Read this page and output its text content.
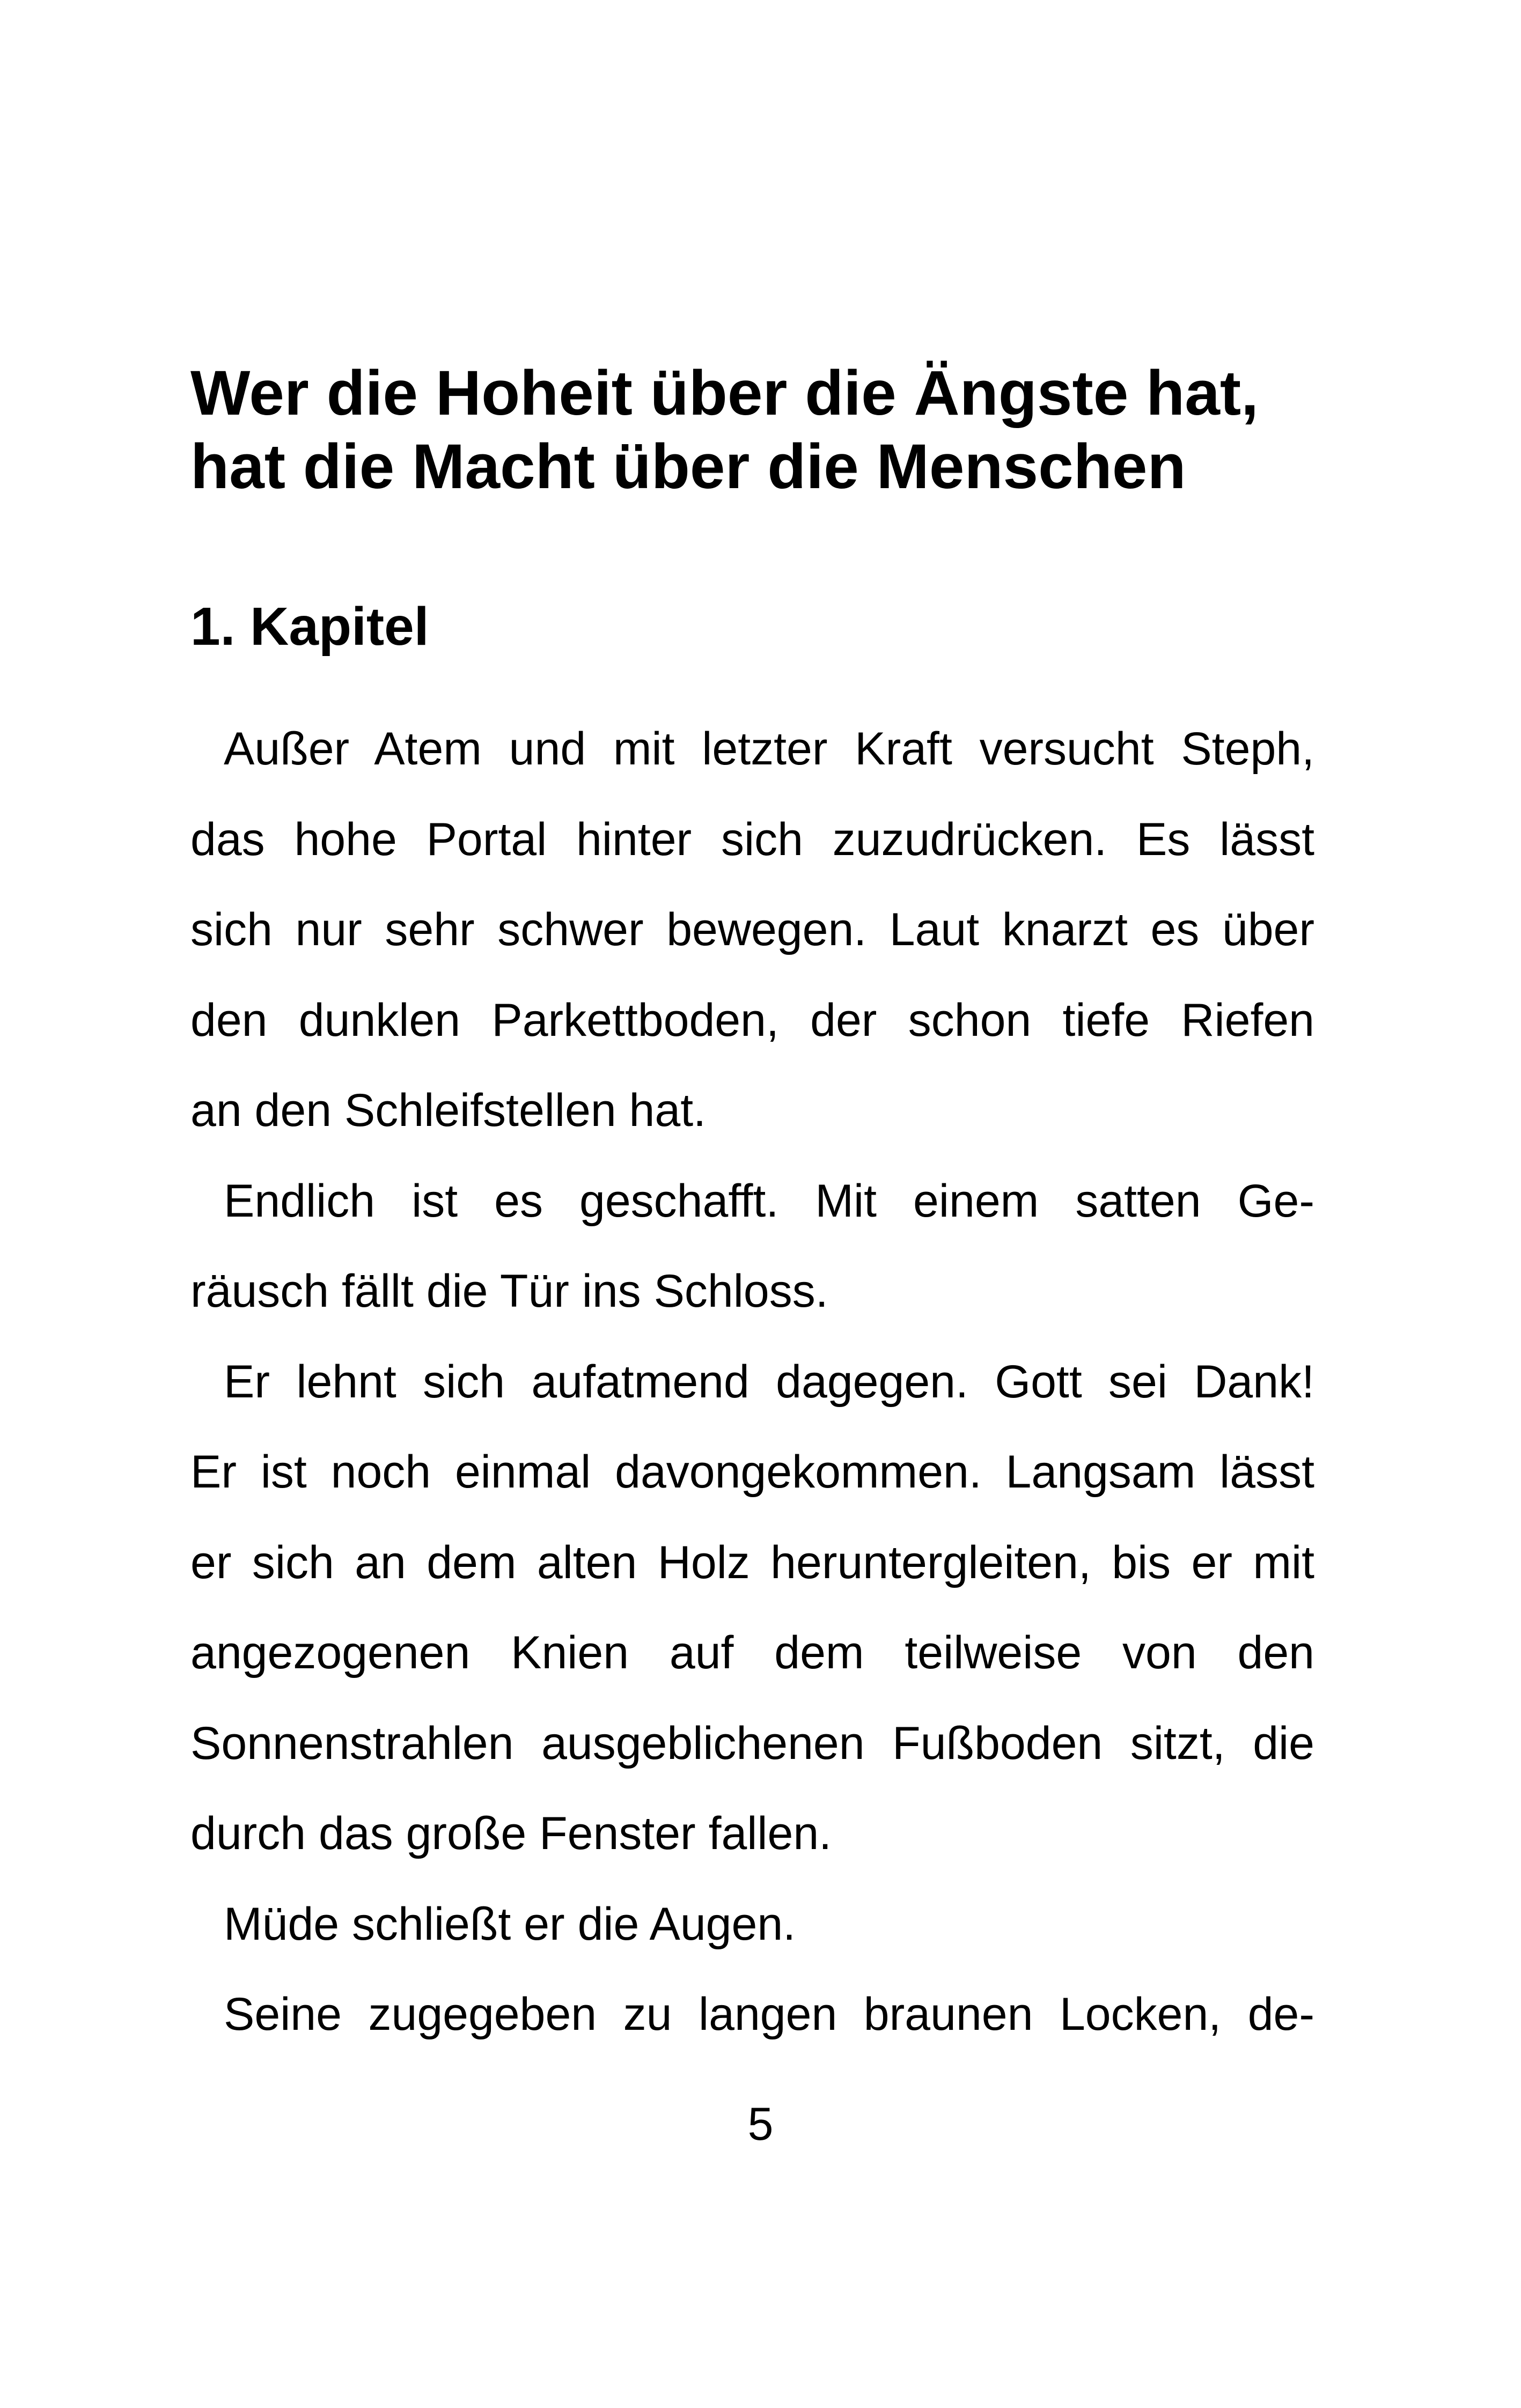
Wer die Hoheit über die Ängste hat,
hat die Macht über die Menschen
1. Kapitel
Außer Atem und mit letzter Kraft versucht Steph,
das hohe Portal hinter sich zuzudrücken. Es lässt
sich nur sehr schwer bewegen. Laut knarzt es über
den dunklen Parkettboden, der schon tiefe Riefen
an den Schleifstellen hat.
Endlich ist es geschafft. Mit einem satten Ge-
räusch fällt die Tür ins Schloss.
Er lehnt sich aufatmend dagegen. Gott sei Dank!
Er ist noch einmal davongekommen. Langsam lässt
er sich an dem alten Holz heruntergleiten, bis er mit
angezogenen Knien auf dem teilweise von den
Sonnenstrahlen ausgeblichenen Fußboden sitzt, die
durch das große Fenster fallen.
Müde schließt er die Augen.
Seine zugegeben zu langen braunen Locken, de-
5
